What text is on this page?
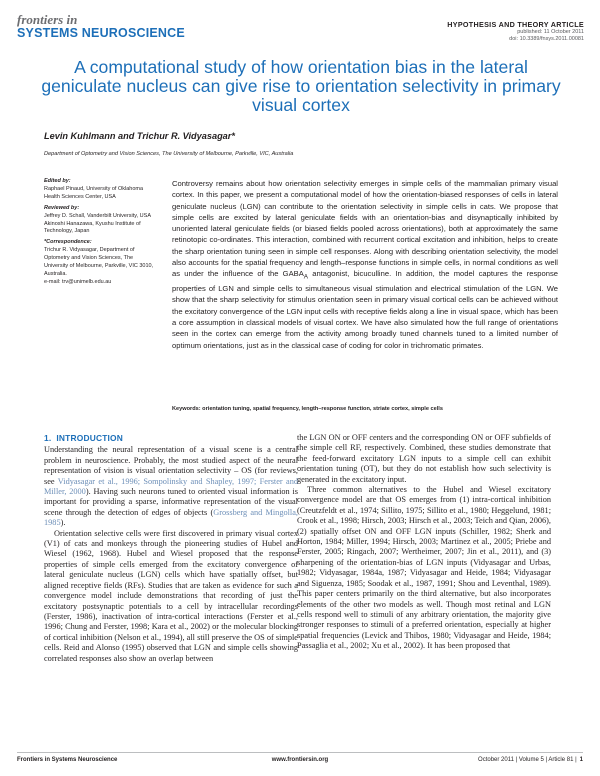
frontiers in
SYSTEMS NEUROSCIENCE
HYPOTHESIS AND THEORY ARTICLE
published: 11 October 2011
doi: 10.3389/fnsys.2011.00081
A computational study of how orientation bias in the lateral geniculate nucleus can give rise to orientation selectivity in primary visual cortex
Levin Kuhlmann and Trichur R. Vidyasagar*
Department of Optometry and Vision Sciences, The University of Melbourne, Parkville, VIC, Australia
Edited by:
Raphael Pinaud, University of Oklahoma Health Sciences Center, USA
Reviewed by:
Jeffrey D. Schall, Vanderbilt University, USA
Akinoshi Hanazawa, Kyushu Institute of Technology, Japan
*Correspondence:
Trichur R. Vidyasagar, Department of Optometry and Vision Sciences, The University of Melbourne, Parkville, VIC 3010, Australia.
e-mail: trv@unimelb.edu.au
Controversy remains about how orientation selectivity emerges in simple cells of the mammalian primary visual cortex. In this paper, we present a computational model of how the orientation-biased responses of cells in lateral geniculate nucleus (LGN) can contribute to the orientation selectivity in simple cells in cats. We propose that simple cells are excited by lateral geniculate fields with an orientation-bias and disynaptically inhibited by unoriented lateral geniculate fields (or biased fields pooled across orientations), both at approximately the same retinotopic co-ordinates. This interaction, combined with recurrent cortical excitation and inhibition, helps to create the sharp orientation tuning seen in simple cell responses. Along with describing orientation selectivity, the model also accounts for the spatial frequency and length–response functions in simple cells, in normal conditions as well as under the influence of the $GABA_A$ antagonist, bicuculline. In addition, the model captures the response properties of LGN and simple cells to simultaneous visual stimulation and electrical stimulation of the LGN. We show that the sharp selectivity for stimulus orientation seen in primary visual cortical cells can be achieved without the excitatory convergence of the LGN input cells with receptive fields along a line in visual space, which has been a core assumption in classical models of visual cortex. We have also simulated how the full range of orientations seen in the cortex can emerge from the activity among broadly tuned channels tuned to a limited number of optimum orientations, just as in the classical case of coding for color in trichromatic primates.
Keywords: orientation tuning, spatial frequency, length–response function, striate cortex, simple cells
1. INTRODUCTION

Understanding the neural representation of a visual scene is a central problem in neuroscience. Probably, the most studied aspect of the neural representation of vision is visual orientation selectivity – OS (for reviews, see Vidyasagar et al., 1996; Sompolinsky and Shapley, 1997; Ferster and Miller, 2000). Having such neurons tuned to oriented visual information is important for providing a sparse, informative representation of the visual scene through the detection of edges of objects (Grossberg and Mingolla, 1985).

Orientation selective cells were first discovered in primary visual cortex (V1) of cats and monkeys through the pioneering studies of Hubel and Wiesel (1962, 1968). Hubel and Wiesel proposed that the response properties of simple cells emerged from the excitatory convergence of lateral geniculate nucleus (LGN) cells which have spatially offset, but aligned receptive fields (RFs). Studies that are taken as evidence for such a convergence model include demonstrations that recording of just the excitatory postsynaptic potentials to a cell by intracellular recordings (Ferster, 1986), inactivation of intra-cortical interactions (Ferster et al., 1996; Chung and Ferster, 1998; Kara et al., 2002) or the molecular blocking of cortical inhibition (Nelson et al., 1994), all still preserve the OS of simple cells. Reid and Alonso (1995) observed that LGN and simple cells showing correlated responses also show an overlap between

the LGN ON or OFF centers and the corresponding ON or OFF subfields of the simple cell RF, respectively. Combined, these studies demonstrate that the feed-forward excitatory LGN inputs to a simple cell can exhibit orientation tuning (OT), but they do not establish how such selectivity is generated in the excitatory input.

Three common alternatives to the Hubel and Wiesel excitatory convergence model are that OS emerges from (1) intra-cortical inhibition (Creutzfeldt et al., 1974; Sillito, 1975; Sillito et al., 1980; Heggelund, 1981; Crook et al., 1998; Hirsch, 2003; Hirsch et al., 2003; Teich and Qian, 2006), (2) spatially offset ON and OFF LGN inputs (Schiller, 1982; Sherk and Horton, 1984; Miller, 1994; Hirsch, 2003; Martinez et al., 2005; Priebe and Ferster, 2005; Ringach, 2007; Wertheimer, 2007; Jin et al., 2011), and (3) sharpening of the orientation-bias of LGN inputs (Vidyasagar and Urbas, 1982; Vidyasagar, 1984a, 1987; Vidyasagar and Heide, 1984; Vidyasagar and Siguenza, 1985; Soodak et al., 1987, 1991; Shou and Leventhal, 1989). This paper centers primarily on the third alternative, but also incorporates elements of the other two models as well. Though most retinal and LGN cells respond well to stimuli of any arbitrary orientation, the majority give stronger responses to stimuli of a preferred orientation, especially at higher spatial frequencies (Levick and Thibos, 1980; Vidyasagar and Heide, 1984; Passaglia et al., 2002; Xu et al., 2002). It has been proposed that

Frontiers in Systems Neuroscience	www.frontiersin.org	October 2011 | Volume 5 | Article 81 | 1
